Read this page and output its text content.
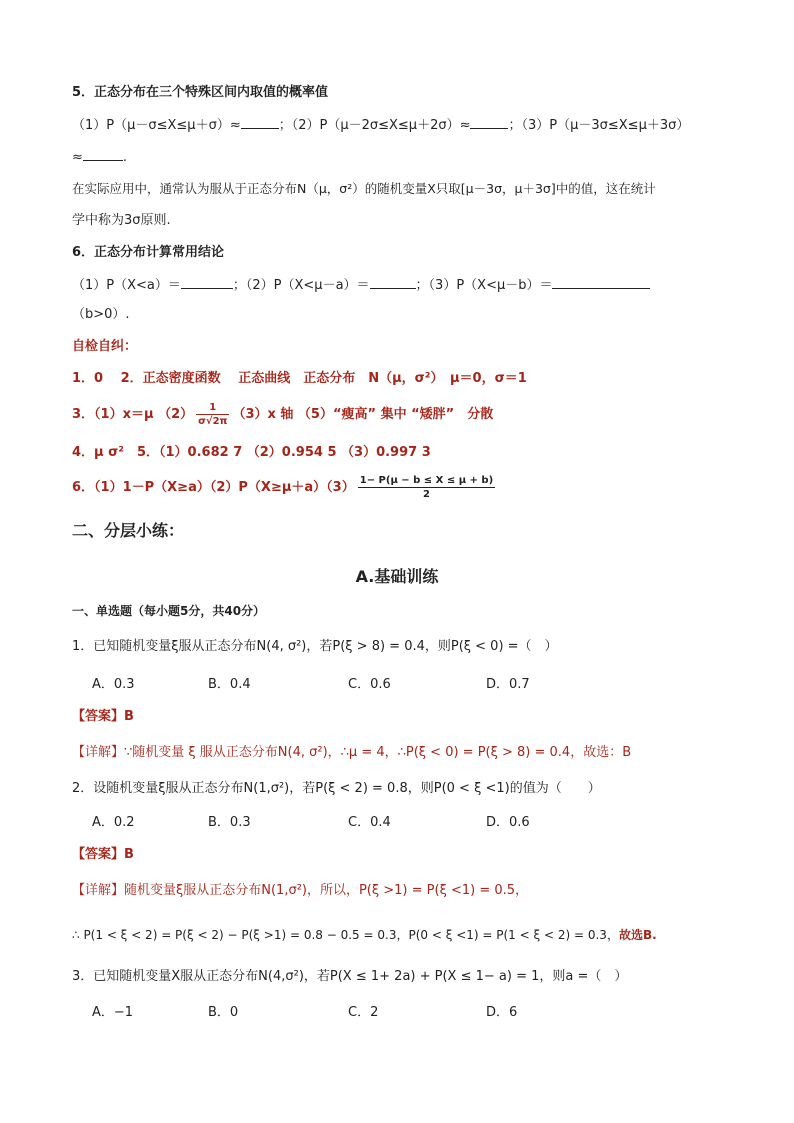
5．正态分布在三个特殊区间内取值的概率值
（1）P（μ－σ≤X≤μ＋σ）≈	；（2）P（μ－2σ≤X≤μ＋2σ）≈	；（3）P（μ－3σ≤X≤μ＋3σ）
≈	.
在实际应用中，通常认为服从于正态分布N（μ，σ²）的随机变量X只取[μ－3σ，μ＋3σ]中的值，这在统计
学中称为3σ原则.
6．正态分布计算常用结论
（1）P（X<a）＝	；（2）P（X<μ－a）＝	；（3）P（X<μ－b）＝
（b>0）.
自检自纠：
1．0　 2．正态密度函数　 正态曲线　正态分布　N（μ，σ²）　μ＝0，σ＝1
3．（1）x＝μ $(2) \frac{1}{\sigma√2\pi} (3)x$ 轴 （5）“瘦高” 集中 “矮胖”　分散
4．μ σ²　5．（1）0.682 7 （2）0.954 5 （3）0.997 3
6．$(1)1-P(X\ge a)(2)P(X\ge\mu+a)(3) \frac{1- P(\mu - b \le X \le \mu + b)}{2}$
二、分层小练：
A.基础训练
一、单选题（每小题5分，共40分）
1．已知随机变量ξ服从正态分布N(4, σ²)，若P(ξ > 8) = 0.4，则P(ξ < 0) =（　）
A．0.3	B．0.4	C．0.6	D．0.7
【答案】B
【详解】∵随机变量 ξ 服从正态分布N(4, σ²)，∴μ = 4，∴P(ξ < 0) = P(ξ > 8) = 0.4，故选：B
2．设随机变量ξ服从正态分布N(1,σ²)，若P(ξ < 2) = 0.8，则P(0 < ξ <1)的值为（　　）
A．0.2	B．0.3	C．0.4	D．0.6
【答案】B
【详解】随机变量ξ服从正态分布N(1,σ²)，所以，P(ξ >1) = P(ξ <1) = 0.5，
∴ P(1 < ξ < 2) = P(ξ < 2) − P(ξ >1) = 0.8 − 0.5 = 0.3，P(0 < ξ <1) = P(1 < ξ < 2) = 0.3，故选B.
3．已知随机变量X服从正态分布N(4,σ²)，若P(X ≤ 1+ 2a) + P(X ≤ 1− a) = 1，则a =（　）
A．−1	B．0	C．2	D．6
